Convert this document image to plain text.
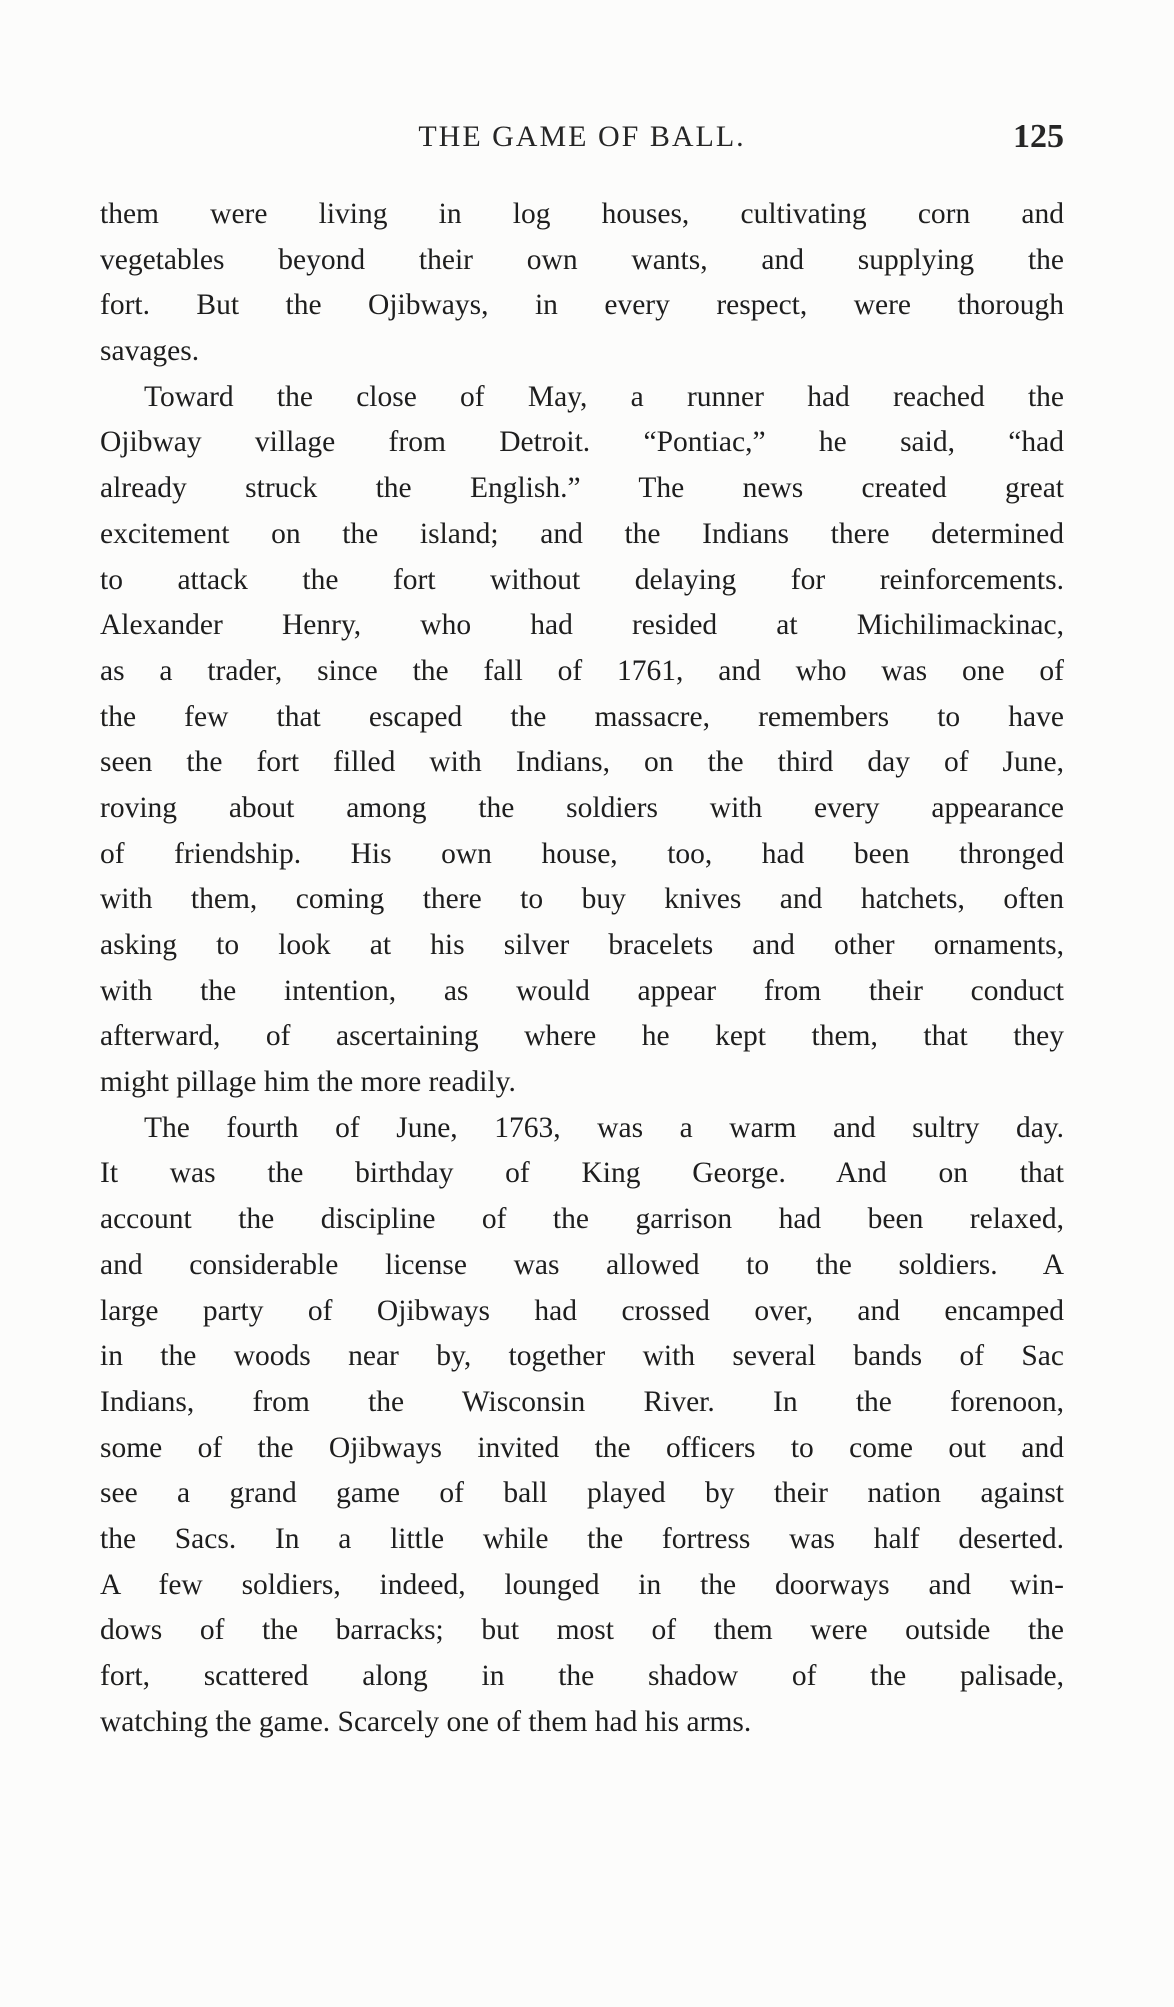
THE GAME OF BALL.	125

them were living in log houses, cultivating corn and
vegetables beyond their own wants, and supplying the
fort. But the Ojibways, in every respect, were thorough
savages.

Toward the close of May, a runner had reached the
Ojibway village from Detroit. “Pontiac,” he said, “had
already struck the English.” The news created great
excitement on the island; and the Indians there determined
to attack the fort without delaying for reinforcements.
Alexander Henry, who had resided at Michilimackinac,
as a trader, since the fall of 1761, and who was one of
the few that escaped the massacre, remembers to have
seen the fort filled with Indians, on the third day of June,
roving about among the soldiers with every appearance
of friendship. His own house, too, had been thronged
with them, coming there to buy knives and hatchets, often
asking to look at his silver bracelets and other ornaments,
with the intention, as would appear from their conduct
afterward, of ascertaining where he kept them, that they
might pillage him the more readily.

The fourth of June, 1763, was a warm and sultry day.
It was the birthday of King George. And on that
account the discipline of the garrison had been relaxed,
and considerable license was allowed to the soldiers. A
large party of Ojibways had crossed over, and encamped
in the woods near by, together with several bands of Sac
Indians, from the Wisconsin River. In the forenoon,
some of the Ojibways invited the officers to come out and
see a grand game of ball played by their nation against
the Sacs. In a little while the fortress was half deserted.
A few soldiers, indeed, lounged in the doorways and win-
dows of the barracks; but most of them were outside the
fort, scattered along in the shadow of the palisade,
watching the game. Scarcely one of them had his arms.
